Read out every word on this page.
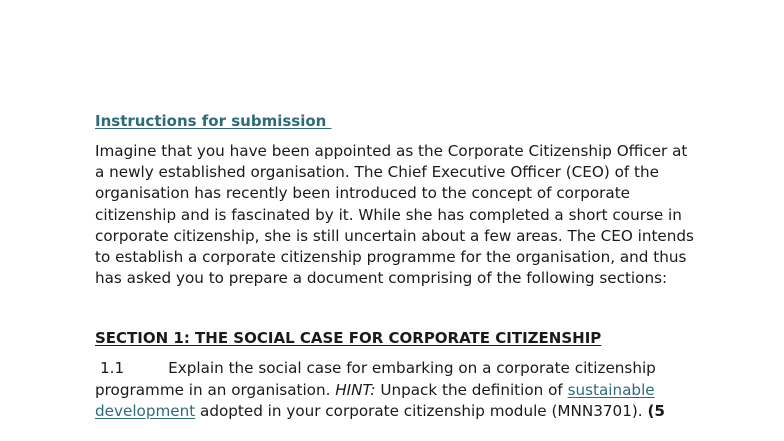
Instructions for submission

Imagine that you have been appointed as the Corporate Citizenship Officer at a newly established organisation. The Chief Executive Officer (CEO) of the organisation has recently been introduced to the concept of corporate citizenship and is fascinated by it. While she has completed a short course in corporate citizenship, she is still uncertain about a few areas. The CEO intends to establish a corporate citizenship programme for the organisation, and thus has asked you to prepare a document comprising of the following sections:

SECTION 1: THE SOCIAL CASE FOR CORPORATE CITIZENSHIP

1.1	Explain the social case for embarking on a corporate citizenship programme in an organisation. HINT: Unpack the definition of sustainable development adopted in your corporate citizenship module (MNN3701). (5
